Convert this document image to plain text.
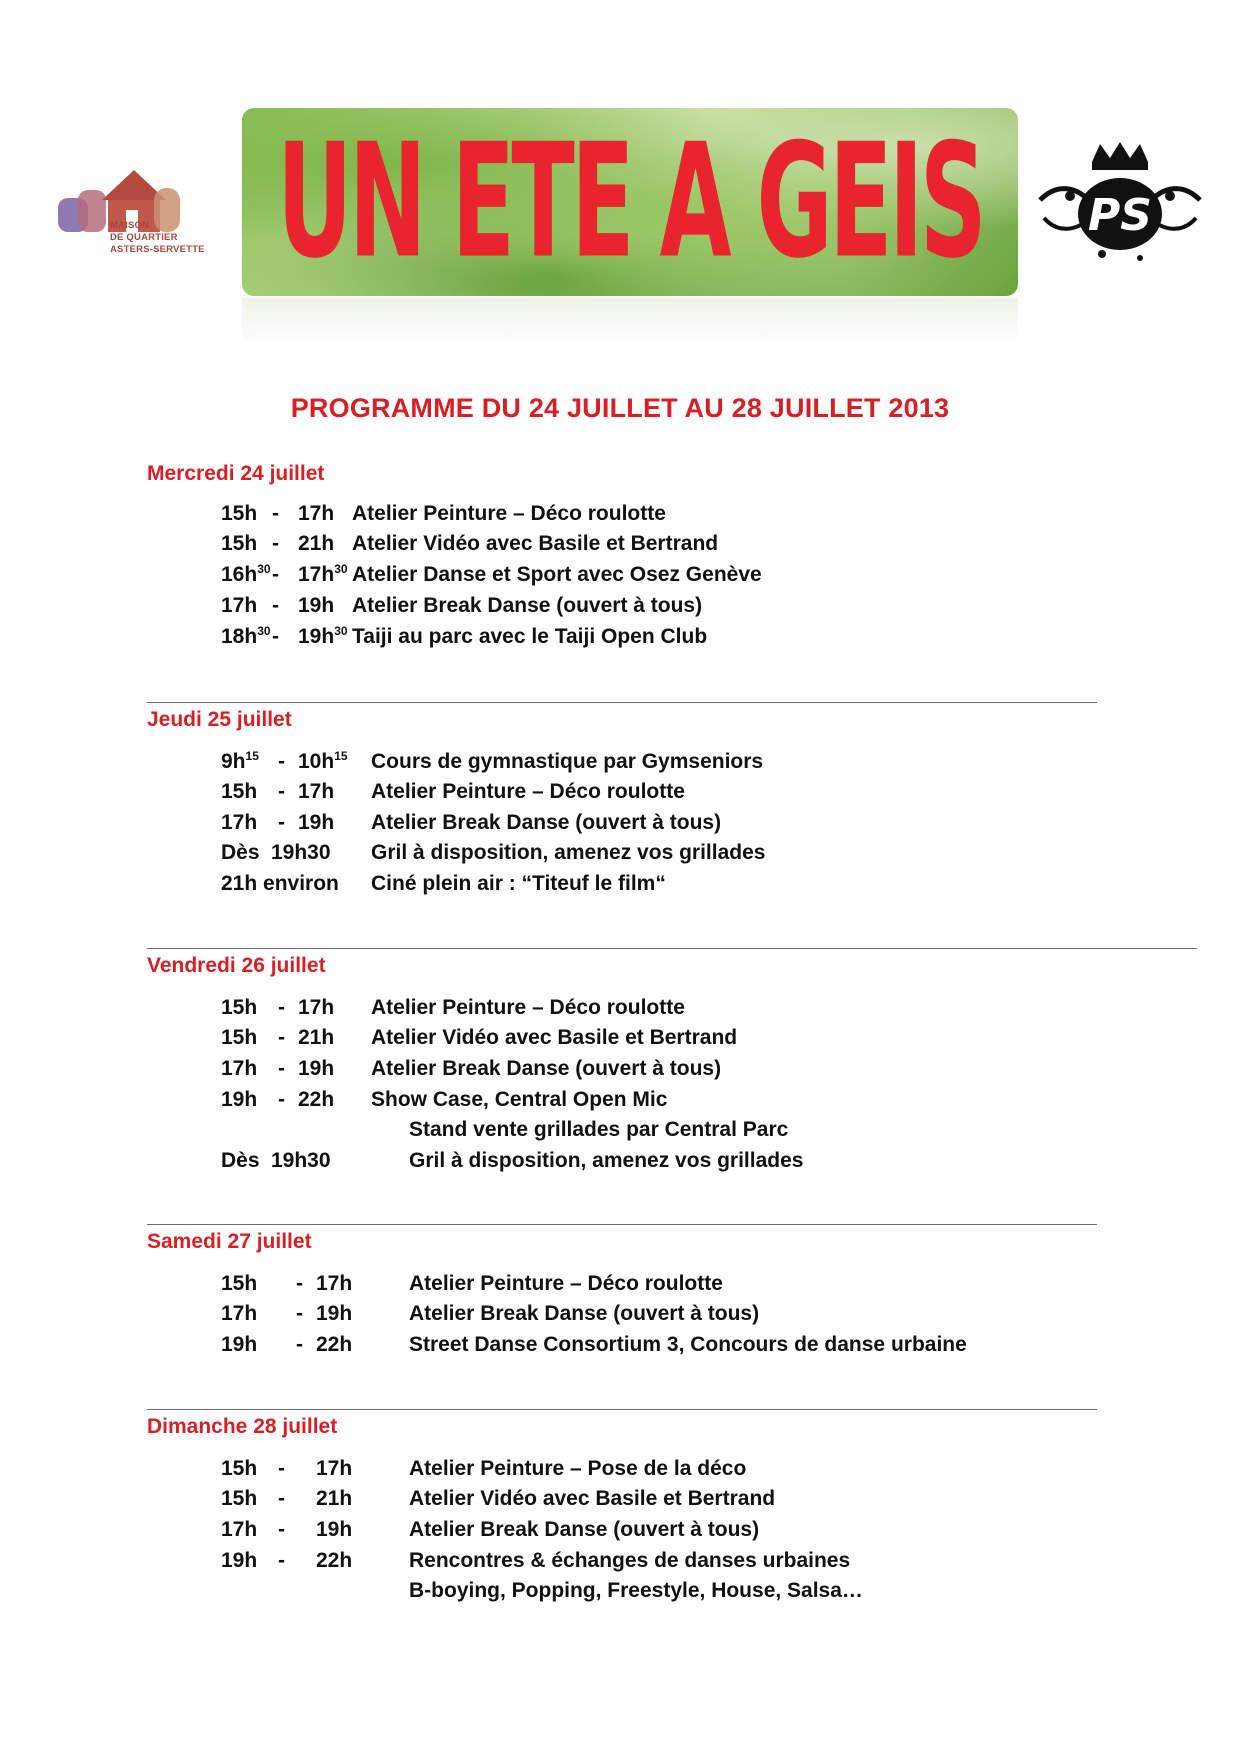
MAISON
DE QUARTIER
ASTERS-SERVETTE UN ETE A GEIS PS
PROGRAMME DU 24 JUILLET AU 28 JUILLET 2013
Mercredi 24 juillet
15h - 17h Atelier Peinture – Déco roulotte
15h - 21h Atelier Vidéo avec Basile et Bertrand
$16h^{30} - 17h^{30}$ Atelier Danse et Sport avec Osez Genève
17h - 19h Atelier Break Danse (ouvert à tous)
$18h^{30} - 19h^{30}$ Taiji au parc avec le Taiji Open Club
Jeudi 25 juillet
$9h^{15} - 10h^{15}$ Cours de gymnastique par Gymseniors
15h - 17h Atelier Peinture – Déco roulotte
17h - 19h Atelier Break Danse (ouvert à tous)
Dès 19h30 Gril à disposition, amenez vos grillades
21h environ Ciné plein air : “Titeuf le film“
Vendredi 26 juillet
15h - 17h Atelier Peinture – Déco roulotte
15h - 21h Atelier Vidéo avec Basile et Bertrand
17h - 19h Atelier Break Danse (ouvert à tous)
19h - 22h Show Case, Central Open Mic
Stand vente grillades par Central Parc
Dès 19h30	Gril à disposition, amenez vos grillades
Samedi 27 juillet
15h - 17h	Atelier Peinture – Déco roulotte
17h - 19h	Atelier Break Danse (ouvert à tous)
19h - 22h	Street Danse Consortium 3, Concours de danse urbaine
Dimanche 28 juillet
15h - 17h	Atelier Peinture – Pose de la déco
15h - 21h	Atelier Vidéo avec Basile et Bertrand
17h - 19h	Atelier Break Danse (ouvert à tous)
19h - 22h	Rencontres & échanges de danses urbaines
B-boying, Popping, Freestyle, House, Salsa…
